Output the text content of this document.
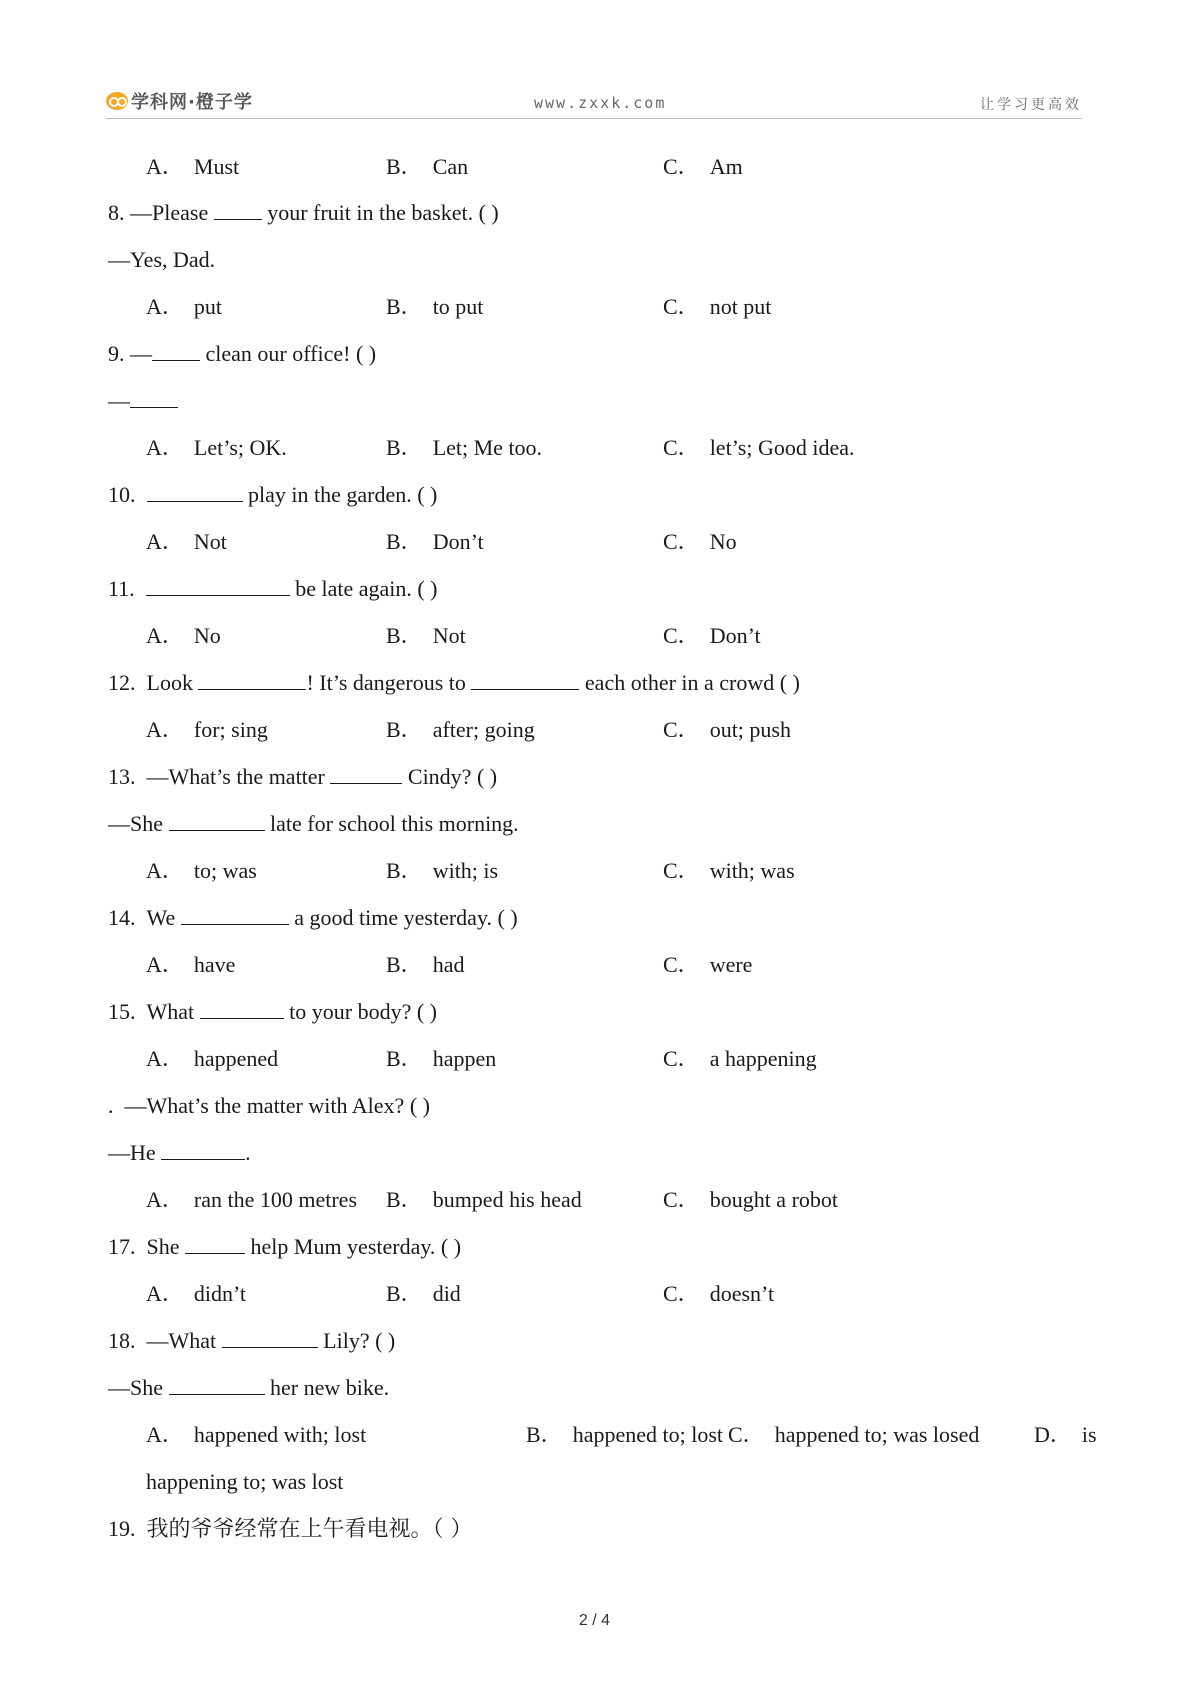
学科网·橙子学	www.zxxk.com	让学习更高效
A． Must	B． Can	C． Am
8. —Please	your fruit in the basket. ( )
—Yes, Dad.
A． put	B． to put	C． not put
9. — clean our office! ( )
—
A． Let’s; OK.	B． Let; Me too.	C． let’s; Good idea.
10.	play in the garden. ( )
A． Not	B． Don’t	C． No
11.	be late again. ( )
A． No	B． Not	C． Don’t
12. Look	! It’s dangerous to	each other in a crowd ( )
A． for; sing	B． after; going	C． out; push
13. —What’s the matter	Cindy? ( )
—She	late for school this morning.
A． to; was	B． with; is	C． with; was
14. We	a good time yesterday. ( )
A． have	B． had	C． were
15. What	to your body? ( )
A． happened	B． happen	C． a happening
. —What’s the matter with Alex? ( )
—He	.
A． ran the 100 metres B． bumped his head	C． bought a robot
17. She	help Mum yesterday. ( )
A． didn’t	B． did	C． doesn’t
18. —What	Lily? ( )
—She	her new bike.
A． happened with; lost	B． happened to; lost C． happened to; was losed D． is
happening to; was lost
19. 我的爷爷经常在上午看电视。（ ）
2 / 4
